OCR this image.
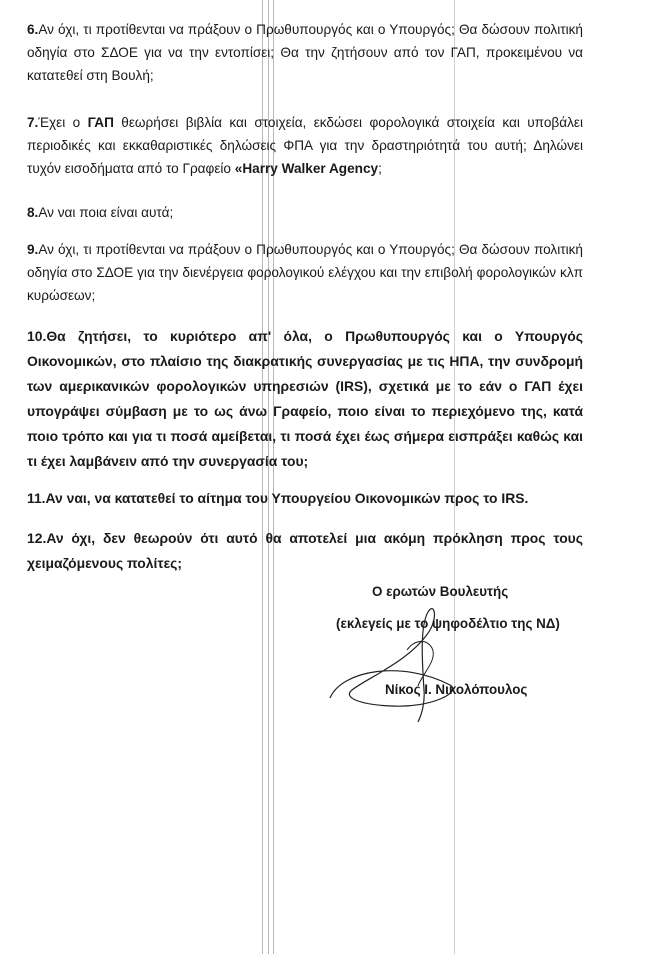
6.Αν όχι, τι προτίθενται να πράξουν ο Πρωθυπουργός και ο Υπουργός; Θα δώσουν πολιτική οδηγία στο ΣΔΟΕ για να την εντοπίσει; Θα την ζητήσουν από τον ΓΑΠ, προκειμένου να κατατεθεί στη Βουλή;
7.Έχει ο ΓΑΠ θεωρήσει βιβλία και στοιχεία, εκδώσει φορολογικά στοιχεία και υποβάλει περιοδικές και εκκαθαριστικές δηλώσεις ΦΠΑ για την δραστηριότητά του αυτή; Δηλώνει τυχόν εισοδήματα από το Γραφείο «Harry Walker Agency;
8.Αν ναι ποια είναι αυτά;
9.Αν όχι, τι προτίθενται να πράξουν ο Πρωθυπουργός και ο Υπουργός; Θα δώσουν πολιτική οδηγία στο ΣΔΟΕ για την διενέργεια φορολογικού ελέγχου και την επιβολή φορολογικών κλπ κυρώσεων;
10.Θα ζητήσει, το κυριότερο απ' όλα, ο Πρωθυπουργός και ο Υπουργός Οικονομικών, στο πλαίσιο της διακρατικής συνεργασίας με τις ΗΠΑ, την συνδρομή των αμερικανικών φορολογικών υπηρεσιών (IRS), σχετικά με το εάν ο ΓΑΠ έχει υπογράψει σύμβαση με το ως άνω Γραφείο, ποιο είναι το περιεχόμενο της, κατά ποιο τρόπο και για τι ποσά αμείβεται, τι ποσά έχει έως σήμερα εισπράξει καθώς και τι έχει λαμβάνειν από την συνεργασία του;
11.Αν ναι, να κατατεθεί το αίτημα του Υπουργείου Οικονομικών προς το IRS.
12.Αν όχι, δεν θεωρούν ότι αυτό θα αποτελεί μια ακόμη πρόκληση προς τους χειμαζόμενους πολίτες;
Ο ερωτών Βουλευτής
(εκλεγείς με το ψηφοδέλτιο της ΝΔ)
Νίκος Ι. Νικολόπουλος
